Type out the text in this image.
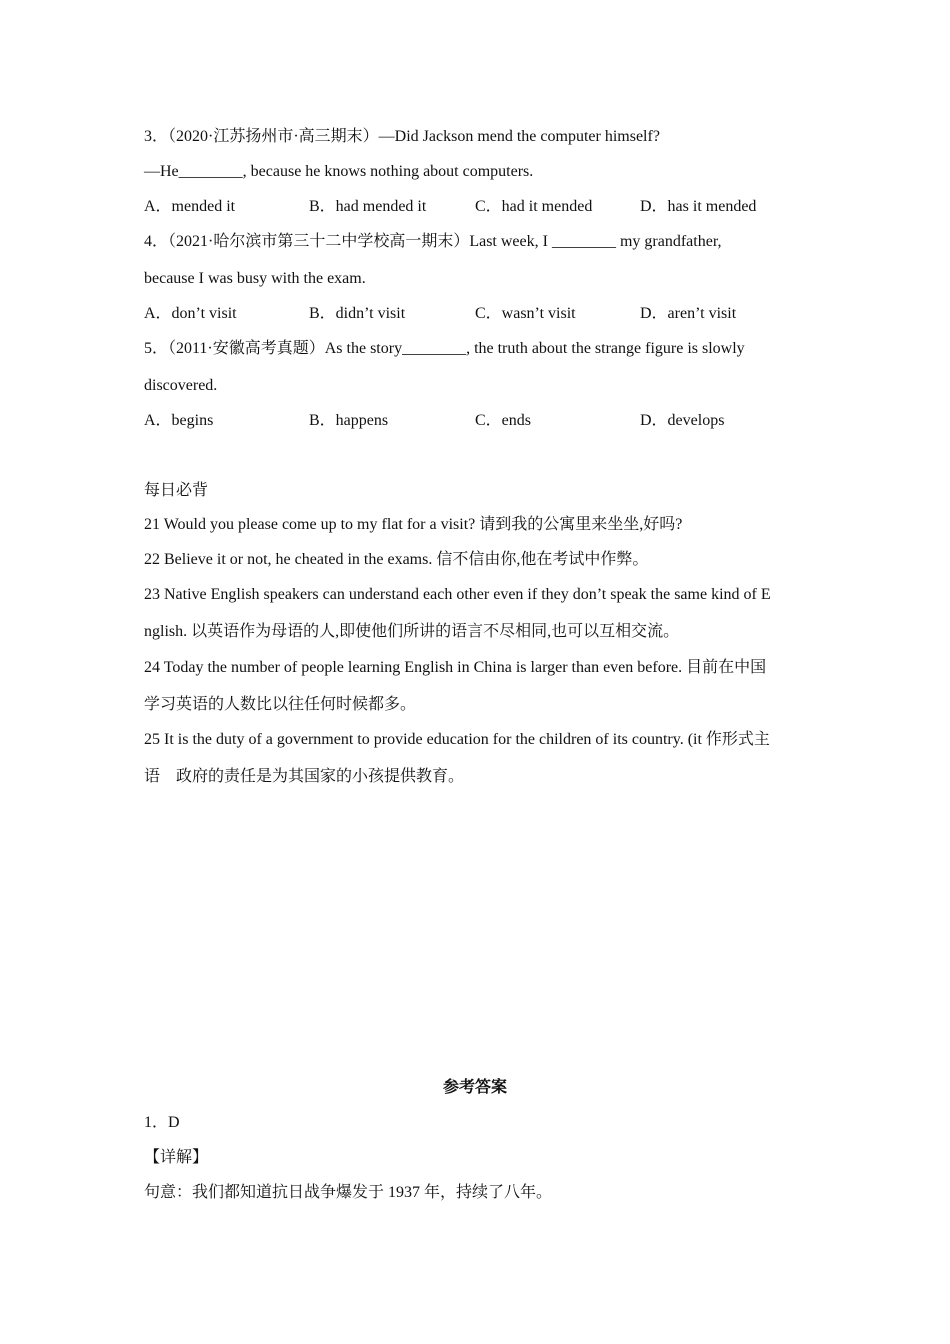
3．（2020·江苏扬州市·高三期末）—Did Jackson mend the computer himself?
—He________, because he knows nothing about computers.
A．mended it	B．had mended it	C．had it mended	D．has it mended
4．（2021·哈尔滨市第三十二中学校高一期末）Last week, I ________ my grandfather,
because I was busy with the exam.
A．don’t visit	B．didn’t visit	C．wasn’t visit	D．aren’t visit
5．（2011·安徽高考真题）As the story________, the truth about the strange figure is slowly
discovered.
A．begins	B．happens	C．ends	D．develops
每日必背
21 Would you please come up to my flat for a visit? 请到我的公寓里来坐坐,好吗?
22 Believe it or not, he cheated in the exams. 信不信由你,他在考试中作弊。
23 Native English speakers can understand each other even if they don’t speak the same kind of E
nglish. 以英语作为母语的人,即使他们所讲的语言不尽相同,也可以互相交流。
24 Today the number of people learning English in China is larger than even before. 目前在中国
学习英语的人数比以往任何时候都多。
25 It is the duty of a government to provide education for the children of its country. (it 作形式主
语　政府的责任是为其国家的小孩提供教育。
参考答案
1．D
【详解】
句意：我们都知道抗日战争爆发于 1937 年，持续了八年。
